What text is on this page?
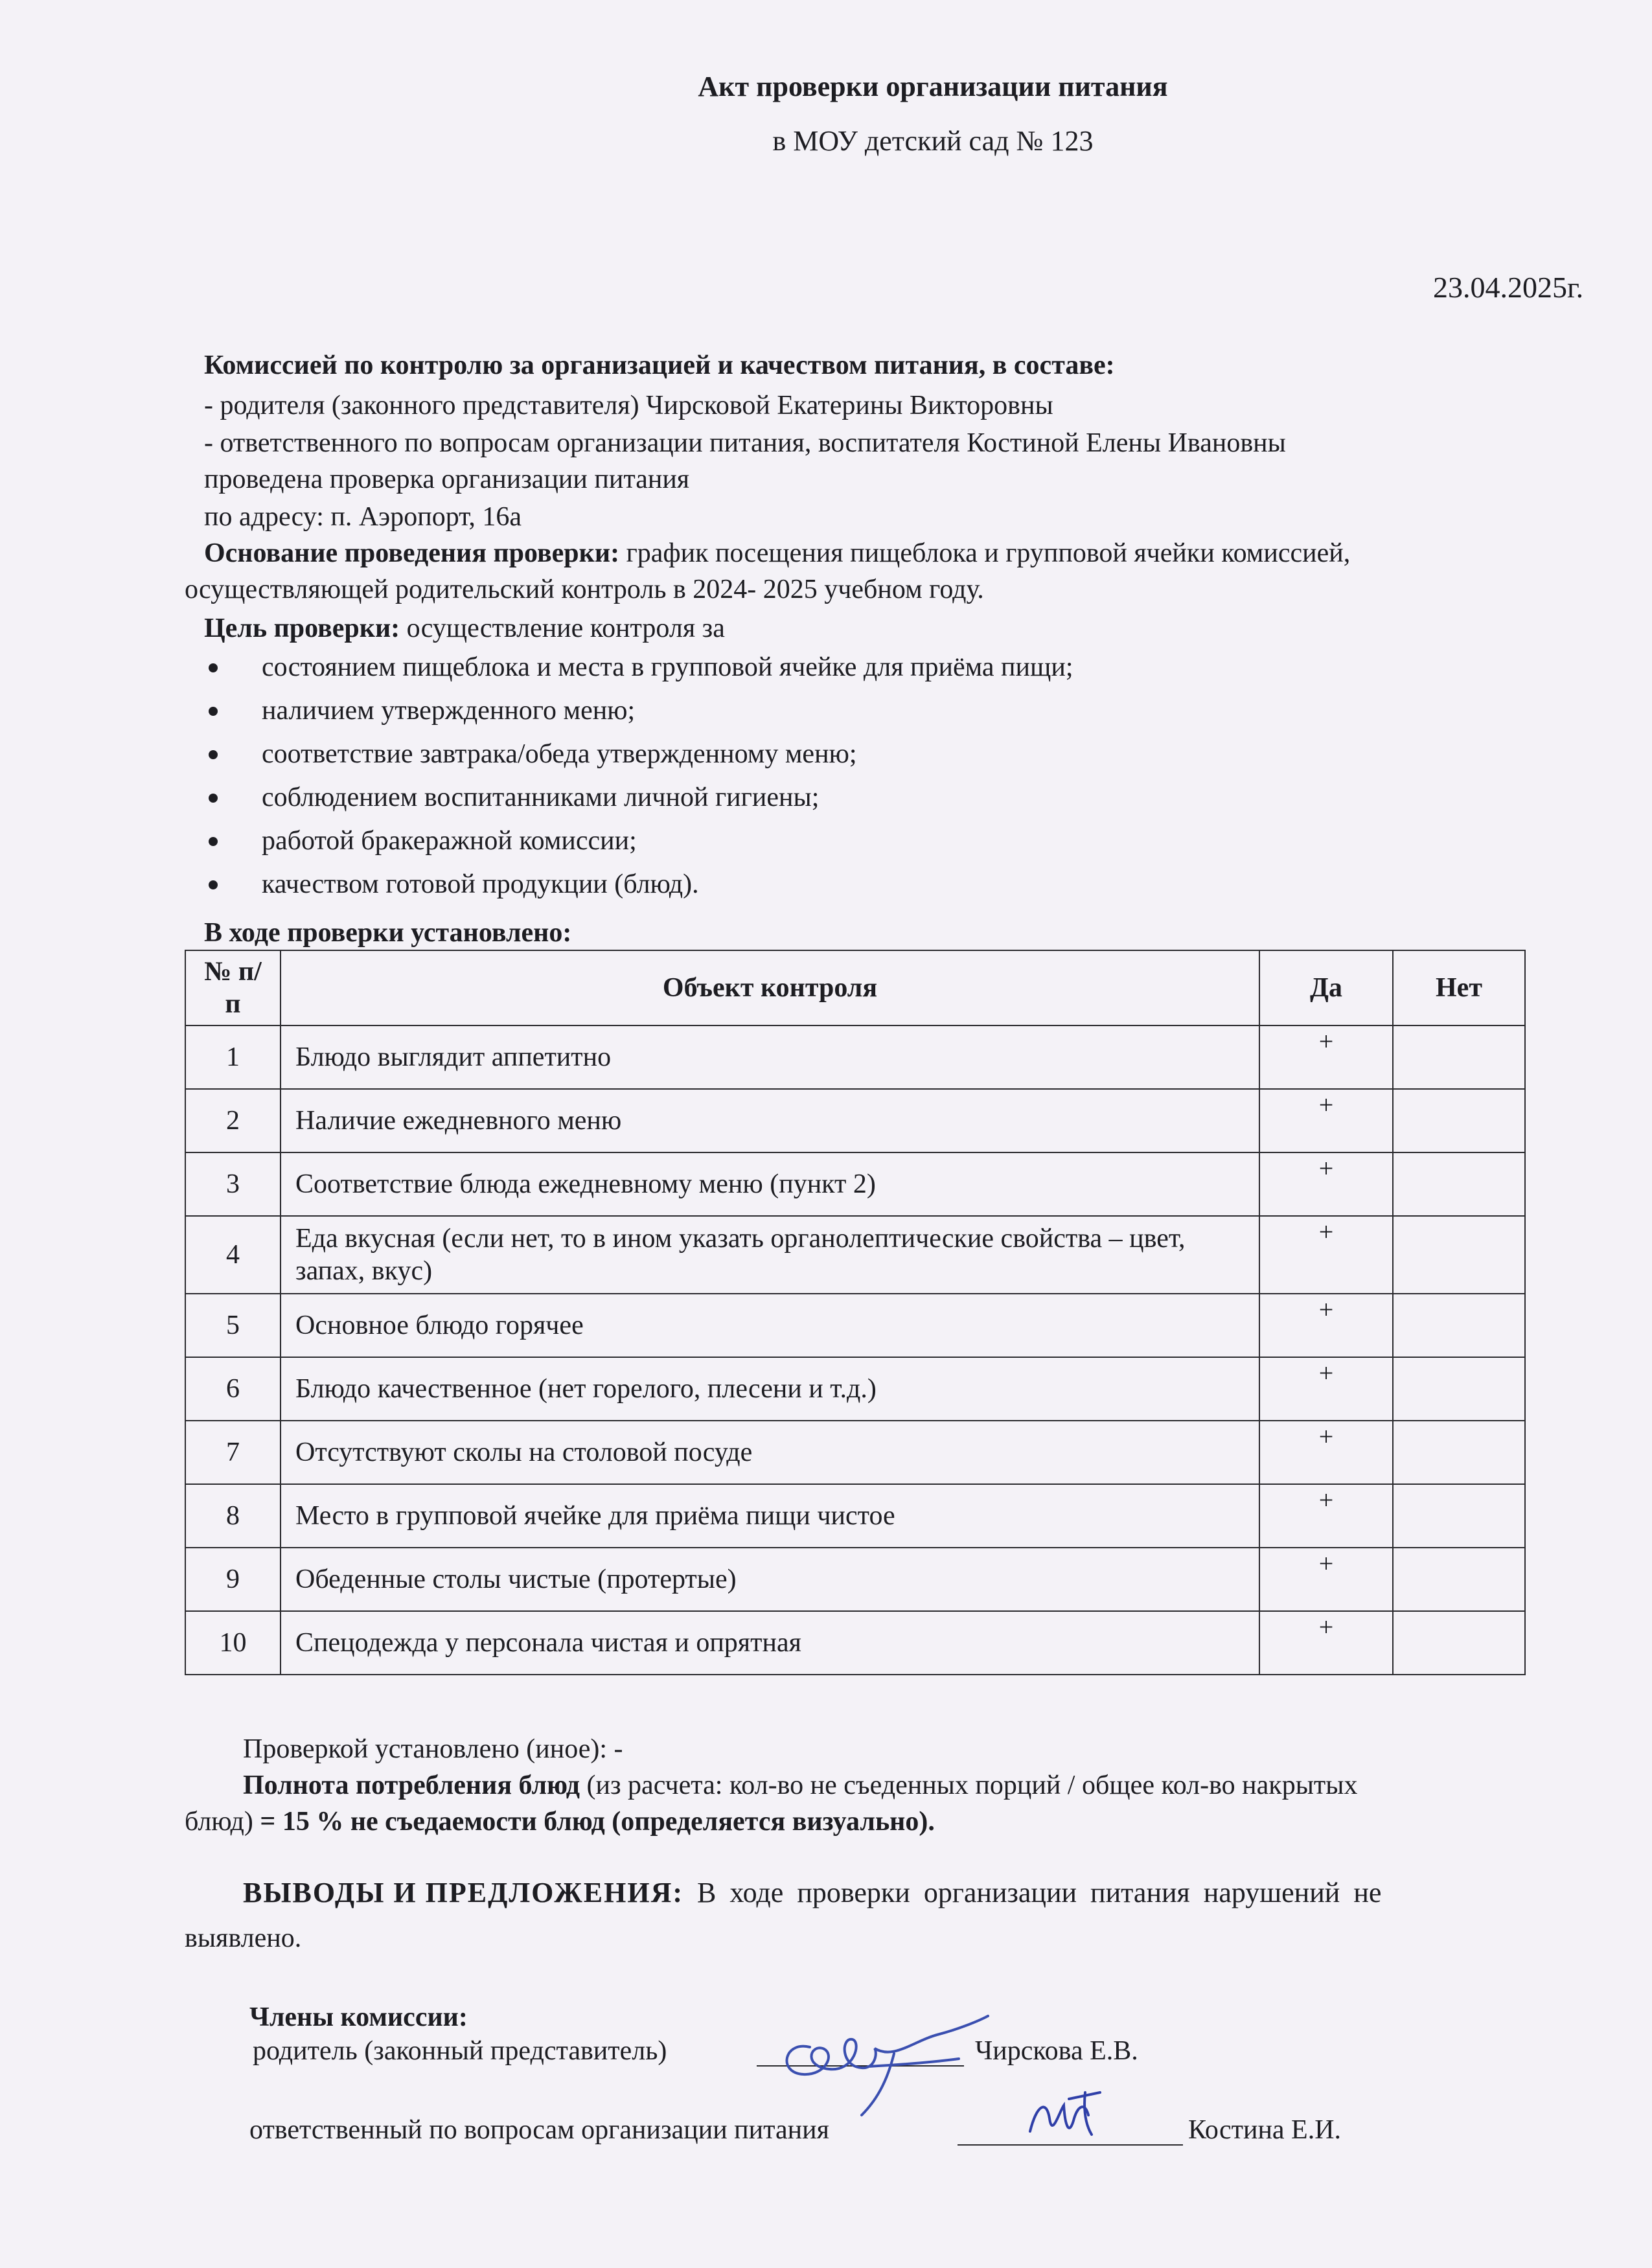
Акт проверки организации питания
в МОУ детский сад № 123
23.04.2025г.
Комиссией по контролю за организацией и качеством питания, в составе:
- родителя (законного представителя) Чирсковой Екатерины Викторовны
- ответственного по вопросам организации питания, воспитателя Костиной Елены Ивановны
проведена проверка организации питания
по адресу: п. Аэропорт, 16а
Основание проведения проверки: график посещения пищеблока и групповой ячейки комиссией,
осуществляющей родительский контроль в 2024- 2025 учебном году.
Цель проверки: осуществление контроля за
состоянием пищеблока и места в групповой ячейке для приёма пищи;
наличием утвержденного меню;
соответствие завтрака/обеда утвержденному меню;
соблюдением воспитанниками личной гигиены;
работой бракеражной комиссии;
качеством готовой продукции (блюд).
В ходе проверки установлено:
№ п/п	Объект контроля	Да	Нет
1	Блюдо выглядит аппетитно	+	
2	Наличие ежедневного меню	+	
3	Соответствие блюда ежедневному меню (пункт 2)	+	
4	Еда вкусная (если нет, то в ином указать органолептические свойства – цвет, запах, вкус)	+	
5	Основное блюдо горячее	+	
6	Блюдо качественное (нет горелого, плесени и т.д.)	+	
7	Отсутствуют сколы на столовой посуде	+	
8	Место в групповой ячейке для приёма пищи чистое	+	
9	Обеденные столы чистые (протертые)	+	
10	Спецодежда у персонала чистая и опрятная	+	
Проверкой установлено (иное): -
Полнота потребления блюд (из расчета: кол-во не съеденных порций / общее кол-во накрытых
блюд) = 15 % не съедаемости блюд (определяется визуально).
ВЫВОДЫ И ПРЕДЛОЖЕНИЯ: В ходе проверки организации питания нарушений не
выявлено.
Члены комиссии:
родитель (законный представитель)	Чирскова Е.В.
ответственный по вопросам организации питания	Костина Е.И.
